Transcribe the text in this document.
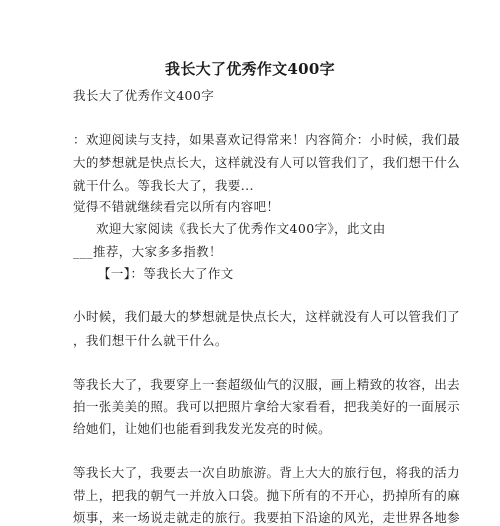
我长大了优秀作文400字
我长大了优秀作文400字
：欢迎阅读与支持，如果喜欢记得常来！内容简介：小时候，我们最
大的梦想就是快点长大，这样就没有人可以管我们了，我们想干什么
就干什么。等我长大了，我要...
觉得不错就继续看完以所有内容吧！
欢迎大家阅读《我长大了优秀作文400字》，此文由
___推荐，大家多多指教！
【一】：等我长大了作文
小时候，我们最大的梦想就是快点长大，这样就没有人可以管我们了
，我们想干什么就干什么。
等我长大了，我要穿上一套超级仙气的汉服，画上精致的妆容，出去
拍一张美美的照。我可以把照片拿给大家看看，把我美好的一面展示
给她们，让她们也能看到我发光发亮的时候。
等我长大了，我要去一次自助旅游。背上大大的旅行包，将我的活力
带上，把我的朝气一并放入口袋。抛下所有的不开心，扔掉所有的麻
烦事，来一场说走就走的旅行。我要拍下沿途的风光，走世界各地参
